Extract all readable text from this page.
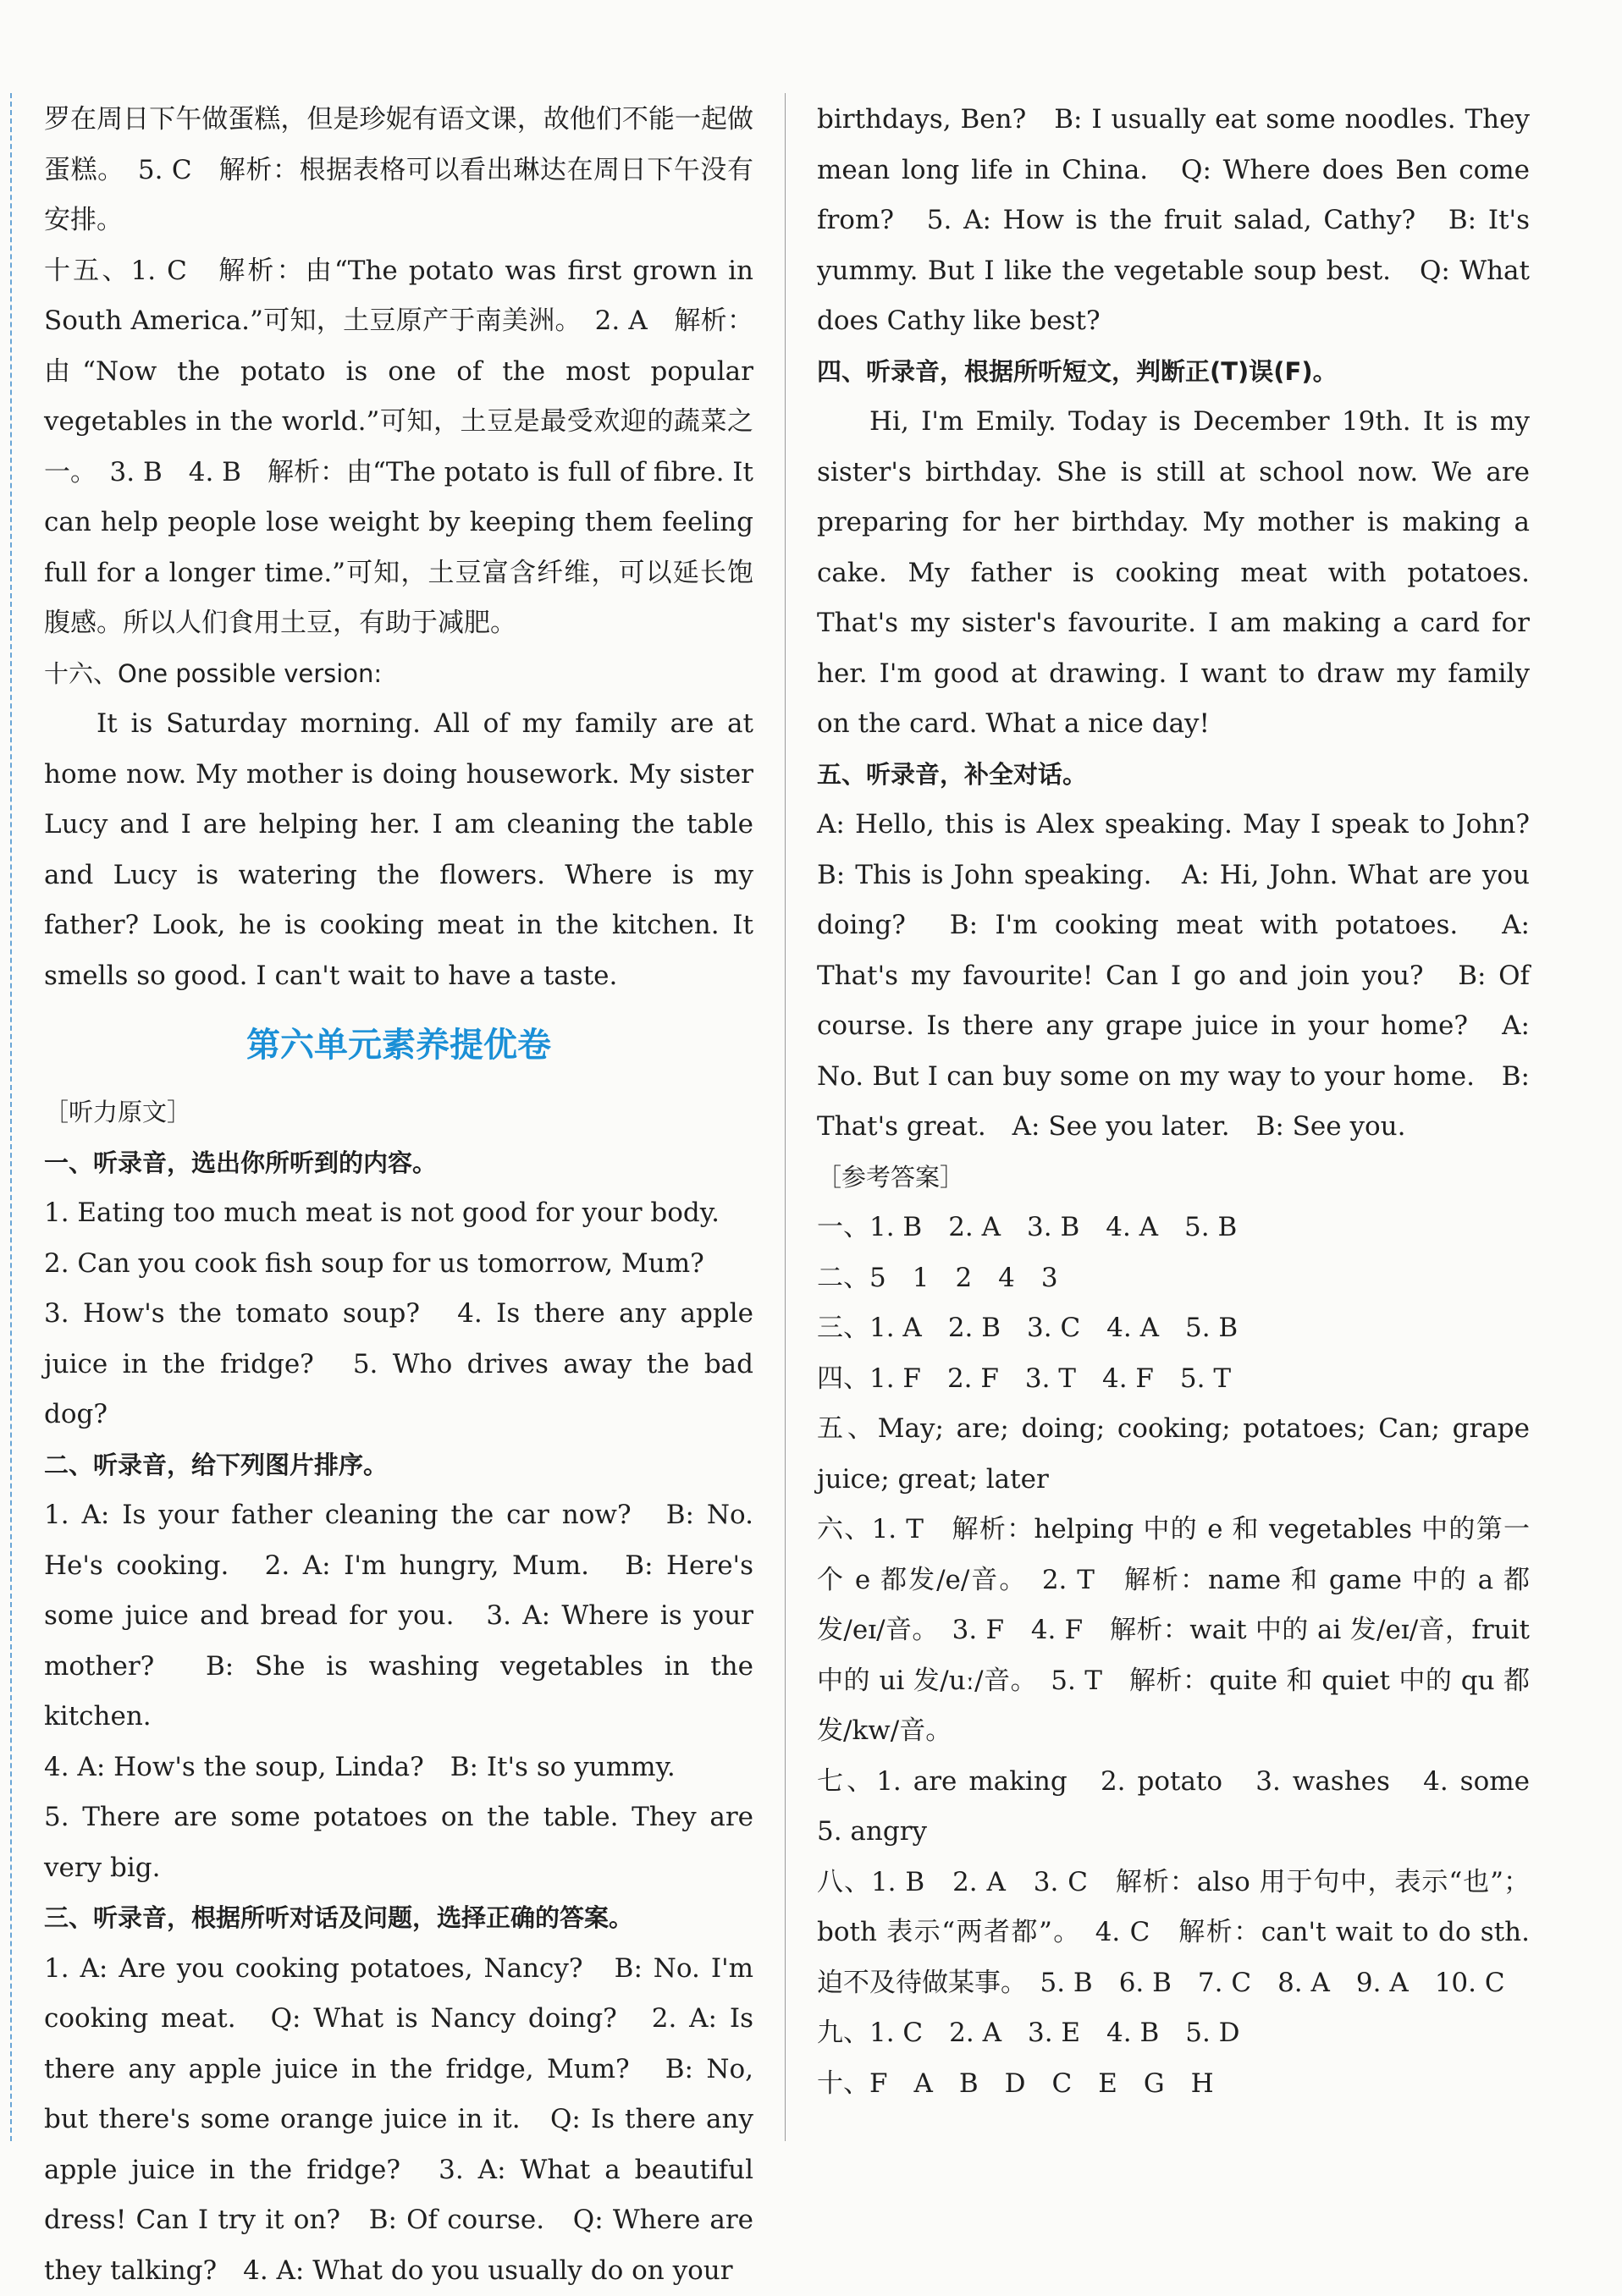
罗在周日下午做蛋糕，但是珍妮有语文课，故他们不能一起做蛋糕。　5. C　解析：根据表格可以看出琳达在周日下午没有安排。

十五、1. C　解析：由“The potato was first grown in South America.”可知，土豆原产于南美洲。　2. A　解析：由“Now the potato is one of the most popular vegetables in the world.”可知，土豆是最受欢迎的蔬菜之一。　3. B　4. B　解析：由“The potato is full of fibre. It can help people lose weight by keeping them feeling full for a longer time.”可知，土豆富含纤维，可以延长饱腹感。所以人们食用土豆，有助于减肥。

十六、One possible version:

It is Saturday morning. All of my family are at home now. My mother is doing housework. My sister Lucy and I are helping her. I am cleaning the table and Lucy is watering the flowers. Where is my father? Look, he is cooking meat in the kitchen. It smells so good. I can't wait to have a taste.

第六单元素养提优卷

［听力原文］

一、听录音，选出你所听到的内容。

1. Eating too much meat is not good for your body.

2. Can you cook fish soup for us tomorrow, Mum?

3. How's the tomato soup?　4. Is there any apple juice in the fridge?　5. Who drives away the bad dog?

二、听录音，给下列图片排序。

1. A: Is your father cleaning the car now?　B: No. He's cooking.　2. A: I'm hungry, Mum.　B: Here's some juice and bread for you.　3. A: Where is your mother?　B: She is washing vegetables in the kitchen.

4. A: How's the soup, Linda?　B: It's so yummy.

5. There are some potatoes on the table. They are very big.

三、听录音，根据所听对话及问题，选择正确的答案。

1. A: Are you cooking potatoes, Nancy?　B: No. I'm cooking meat.　Q: What is Nancy doing?　2. A: Is there any apple juice in the fridge, Mum?　B: No, but there's some orange juice in it.　Q: Is there any apple juice in the fridge?　3. A: What a beautiful dress! Can I try it on?　B: Of course.　Q: Where are they talking?　4. A: What do you usually do on your

birthdays, Ben?　B: I usually eat some noodles. They mean long life in China.　Q: Where does Ben come from?　5. A: How is the fruit salad, Cathy?　B: It's yummy. But I like the vegetable soup best.　Q: What does Cathy like best?

四、听录音，根据所听短文，判断正(T)误(F)。

Hi, I'm Emily. Today is December 19th. It is my sister's birthday. She is still at school now. We are preparing for her birthday. My mother is making a cake. My father is cooking meat with potatoes. That's my sister's favourite. I am making a card for her. I'm good at drawing. I want to draw my family on the card. What a nice day!

五、听录音，补全对话。

A: Hello, this is Alex speaking. May I speak to John?　B: This is John speaking.　A: Hi, John. What are you doing?　B: I'm cooking meat with potatoes.　A: That's my favourite! Can I go and join you?　B: Of course. Is there any grape juice in your home?　A: No. But I can buy some on my way to your home.　B: That's great.　A: See you later.　B: See you.

［参考答案］

一、1. B　2. A　3. B　4. A　5. B

二、5　1　2　4　3

三、1. A　2. B　3. C　4. A　5. B

四、1. F　2. F　3. T　4. F　5. T

五、May; are; doing; cooking; potatoes; Can; grape juice; great; later

六、1. T　解析：helping 中的 e 和 vegetables 中的第一个 e 都发/e/音。　2. T　解析：name 和 game 中的 a 都发/eɪ/音。　3. F　4. F　解析：wait 中的 ai 发/eɪ/音，fruit 中的 ui 发/uː/音。　5. T　解析：quite 和 quiet 中的 qu 都发/kw/音。

七、1. are making　2. potato　3. washes　4. some　5. angry

八、1. B　2. A　3. C　解析：also 用于句中，表示“也”；both 表示“两者都”。　4. C　解析：can't wait to do sth. 迫不及待做某事。　5. B　6. B　7. C　8. A　9. A　10. C

九、1. C　2. A　3. E　4. B　5. D

十、F　A　B　D　C　E　G　H
